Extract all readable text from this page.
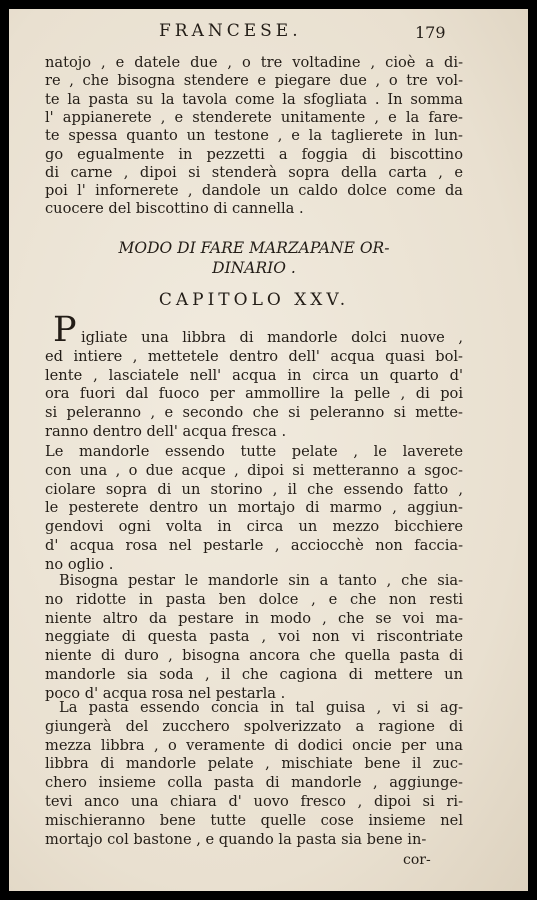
FRANCESE.	179
natojo , e datele due , o tre voltadine , cioè a di-
re , che bisogna stendere e piegare due , o tre vol-
te la pasta su la tavola come la sfogliata . In somma
l' appianerete , e stenderete unitamente , e la fare-
te spessa quanto un testone , e la taglierete in lun-
go egualmente in pezzetti a foggia di biscottino
di carne , dipoi si stenderà sopra della carta , e
poi l' infornerete , dandole un caldo dolce come da
cuocere del biscottino di cannella .
MODO DI FARE MARZAPANE OR-
DINARIO .
CAPITOLO XXV.
P igliate una libbra di mandorle dolci nuove ,
ed intiere , mettetele dentro dell' acqua quasi bol-
lente , lasciatele nell' acqua in circa un quarto d'
ora fuori dal fuoco per ammollire la pelle , di poi
si peleranno , e secondo che si peleranno si mette-
ranno dentro dell' acqua fresca .
Le mandorle essendo tutte pelate , le laverete
con una , o due acque , dipoi si metteranno a sgoc-
ciolare sopra di un storino , il che essendo fatto ,
le pesterete dentro un mortajo di marmo , aggiun-
gendovi ogni volta in circa un mezzo bicchiere
d' acqua rosa nel pestarle , acciocchè non faccia-
no oglio .
Bisogna pestar le mandorle sin a tanto , che sia-
no ridotte in pasta ben dolce , e che non resti
niente altro da pestare in modo , che se voi ma-
neggiate di questa pasta , voi non vi riscontriate
niente di duro , bisogna ancora che quella pasta di
mandorle sia soda , il che cagiona di mettere un
poco d' acqua rosa nel pestarla .
La pasta essendo concia in tal guisa , vi si ag-
giungerà del zucchero spolverizzato a ragione di
mezza libbra , o veramente di dodici oncie per una
libbra di mandorle pelate , mischiate bene il zuc-
chero insieme colla pasta di mandorle , aggiunge-
tevi anco una chiara d' uovo fresco , dipoi si ri-
mischieranno bene tutte quelle cose insieme nel
mortajo col bastone , e quando la pasta sia bene in-
cor-
